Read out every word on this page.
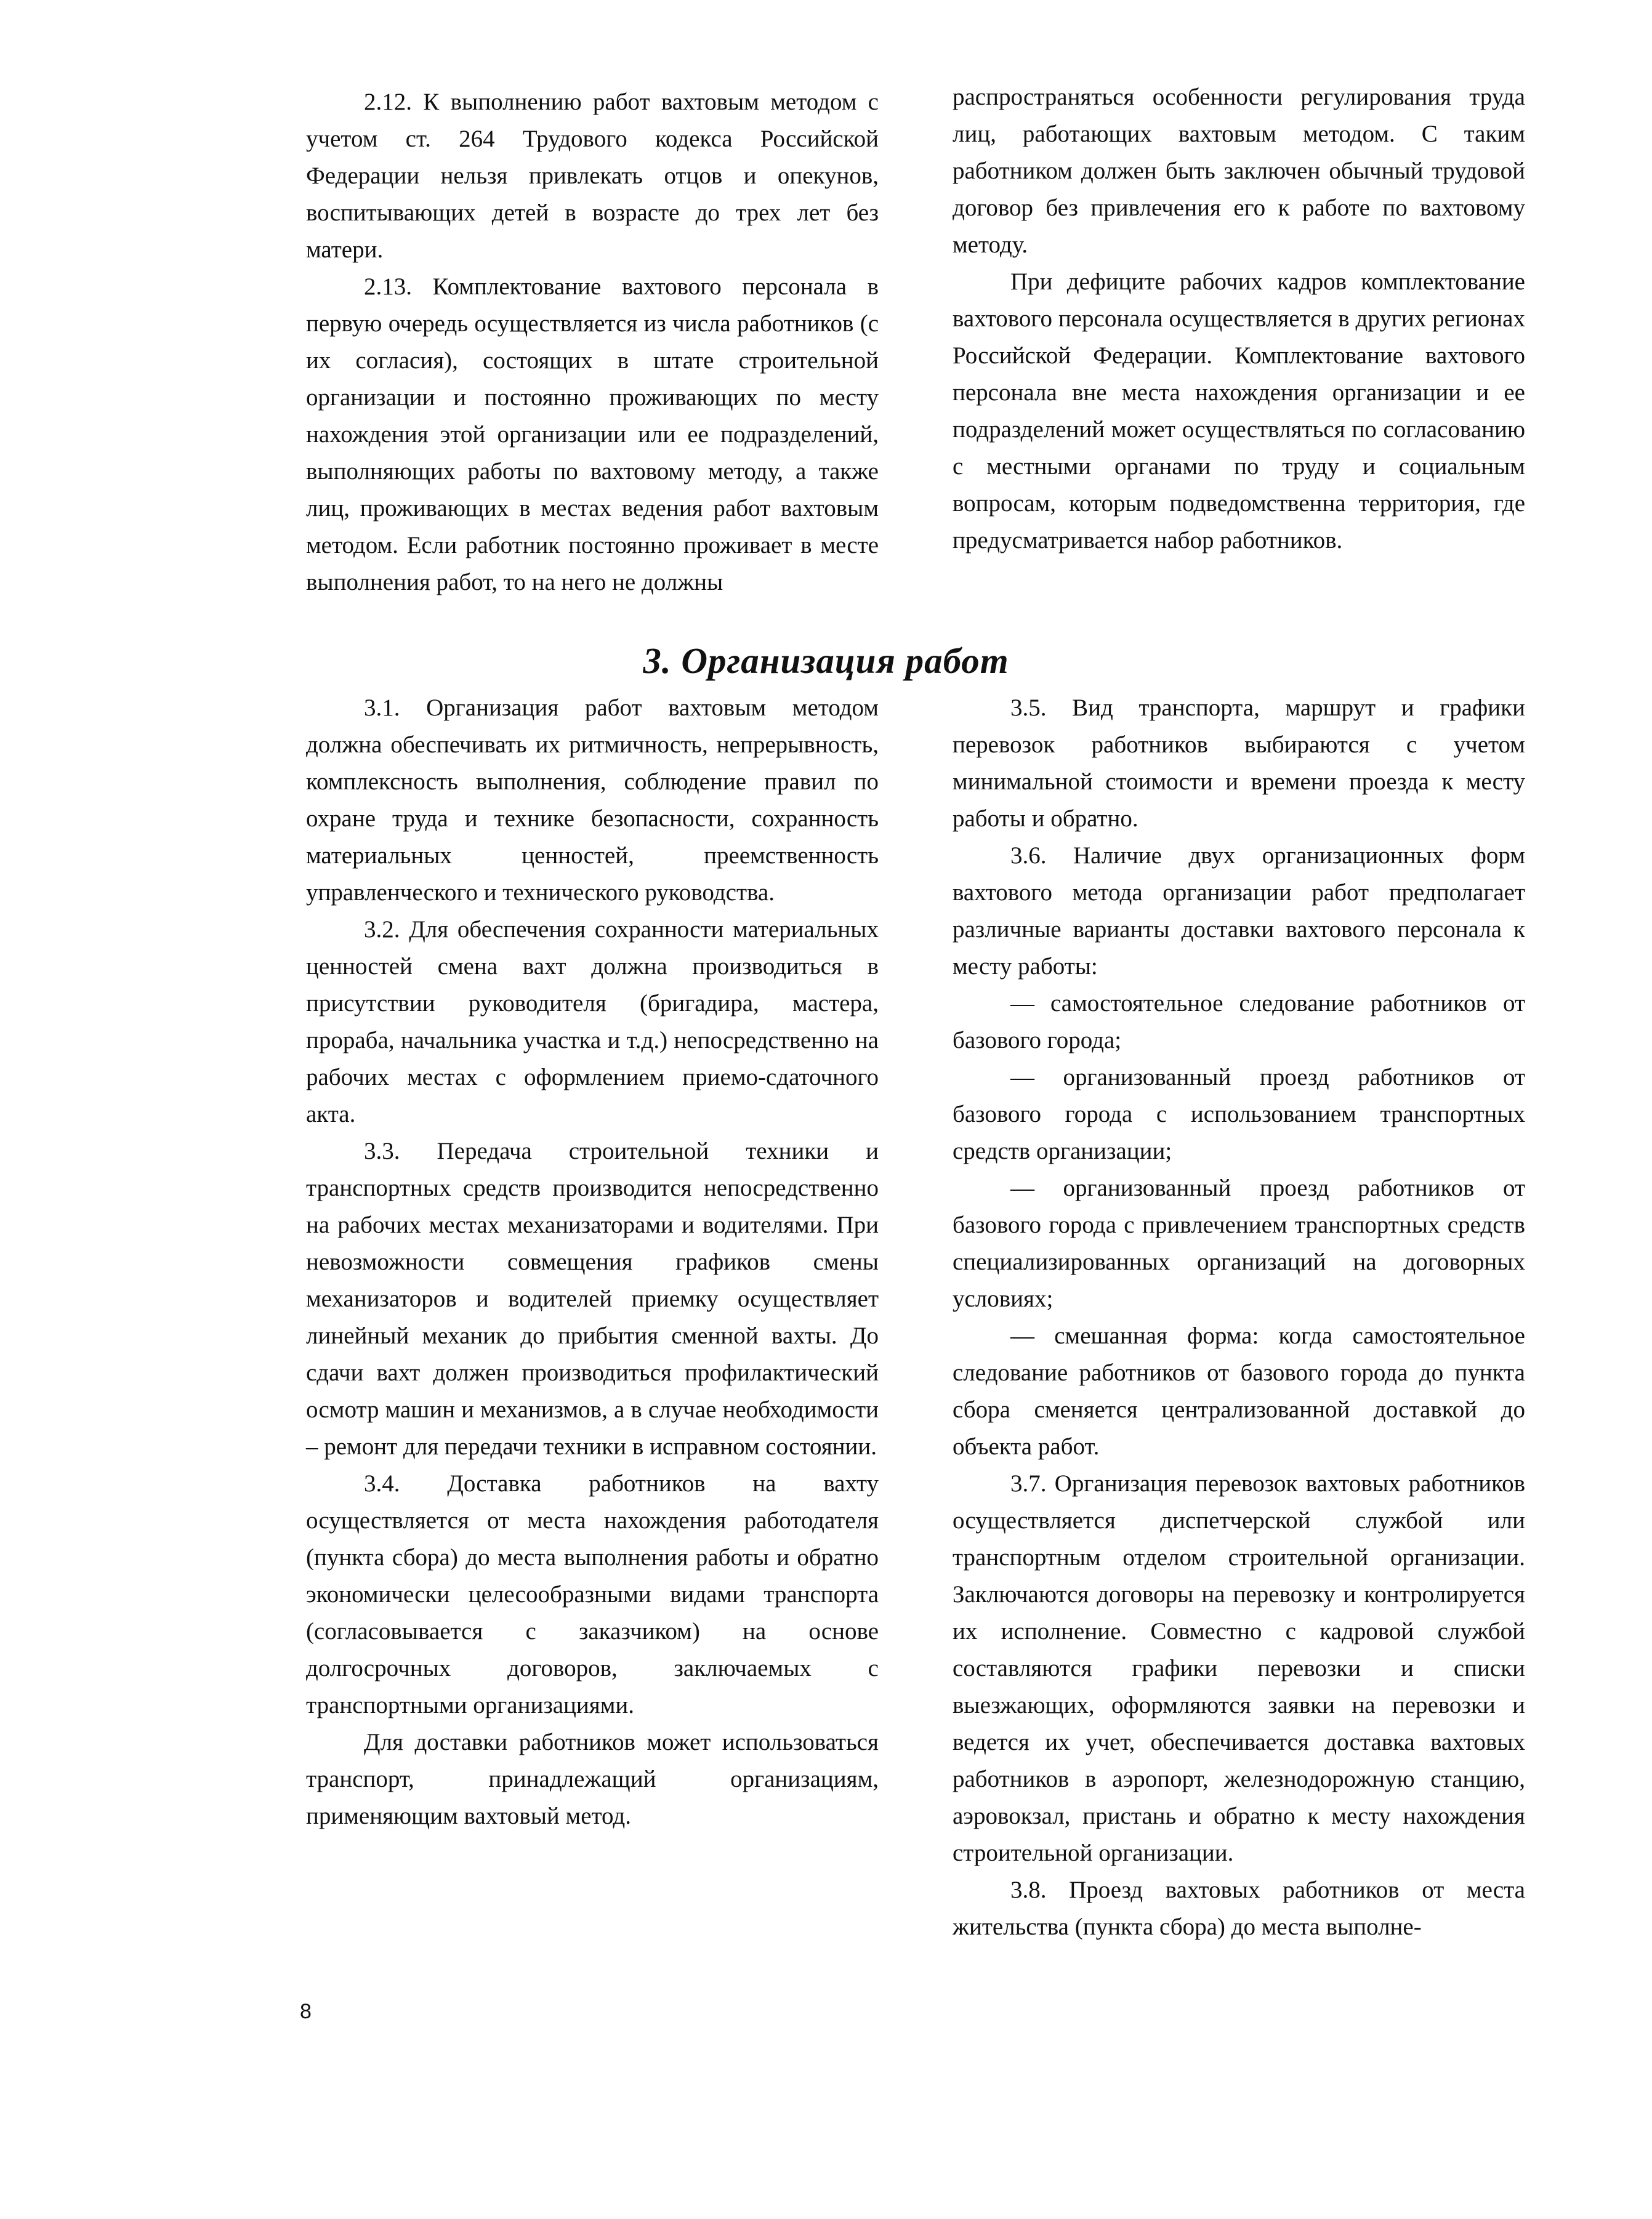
2.12. К выполнению работ вахтовым методом с учетом ст. 264 Трудового кодекса Российской Федерации нельзя привлекать отцов и опекунов, воспитывающих детей в возрасте до трех лет без матери.

2.13. Комплектование вахтового персонала в первую очередь осуществляется из числа работников (с их согласия), состоящих в штате строительной организации и постоянно проживающих по месту нахождения этой организации или ее подразделений, выполняющих работы по вахтовому методу, а также лиц, проживающих в местах ведения работ вахтовым методом. Если работник постоянно проживает в месте выполнения работ, то на него не должны

распространяться особенности регулирования труда лиц, работающих вахтовым методом. С таким работником должен быть заключен обычный трудовой договор без привлечения его к работе по вахтовому методу.

При дефиците рабочих кадров комплектование вахтового персонала осуществляется в других регионах Российской Федерации. Комплектование вахтового персонала вне места нахождения организации и ее подразделений может осуществляться по согласованию с местными органами по труду и социальным вопросам, которым подведомственна территория, где предусматривается набор работников.

3. Организация работ

3.1. Организация работ вахтовым методом должна обеспечивать их ритмичность, непрерывность, комплексность выполнения, соблюдение правил по охране труда и технике безопасности, сохранность материальных ценностей, преемственность управленческого и технического руководства.

3.2. Для обеспечения сохранности материальных ценностей смена вахт должна производиться в присутствии руководителя (бригадира, мастера, прораба, начальника участка и т.д.) непосредственно на рабочих местах с оформлением приемо-сдаточного акта.

3.3. Передача строительной техники и транспортных средств производится непосредственно на рабочих местах механизаторами и водителями. При невозможности совмещения графиков смены механизаторов и водителей приемку осуществляет линейный механик до прибытия сменной вахты. До сдачи вахт должен производиться профилактический осмотр машин и механизмов, а в случае необходимости – ремонт для передачи техники в исправном состоянии.

3.4. Доставка работников на вахту осуществляется от места нахождения работодателя (пункта сбора) до места выполнения работы и обратно экономически целесообразными видами транспорта (согласовывается с заказчиком) на основе долгосрочных договоров, заключаемых с транспортными организациями.

Для доставки работников может использоваться транспорт, принадлежащий организациям, применяющим вахтовый метод.

3.5. Вид транспорта, маршрут и графики перевозок работников выбираются с учетом минимальной стоимости и времени проезда к месту работы и обратно.

3.6. Наличие двух организационных форм вахтового метода организации работ предполагает различные варианты доставки вахтового персонала к месту работы:

— самостоятельное следование работников от базового города;

— организованный проезд работников от базового города с использованием транспортных средств организации;

— организованный проезд работников от базового города с привлечением транспортных средств специализированных организаций на договорных условиях;

— смешанная форма: когда самостоятельное следование работников от базового города до пункта сбора сменяется централизованной доставкой до объекта работ.

3.7. Организация перевозок вахтовых работников осуществляется диспетчерской службой или транспортным отделом строительной организации. Заключаются договоры на перевозку и контролируется их исполнение. Совместно с кадровой службой составляются графики перевозки и списки выезжающих, оформляются заявки на перевозки и ведется их учет, обеспечивается доставка вахтовых работников в аэропорт, железнодорожную станцию, аэровокзал, пристань и обратно к месту нахождения строительной организации.

3.8. Проезд вахтовых работников от места жительства (пункта сбора) до места выполне-

8
